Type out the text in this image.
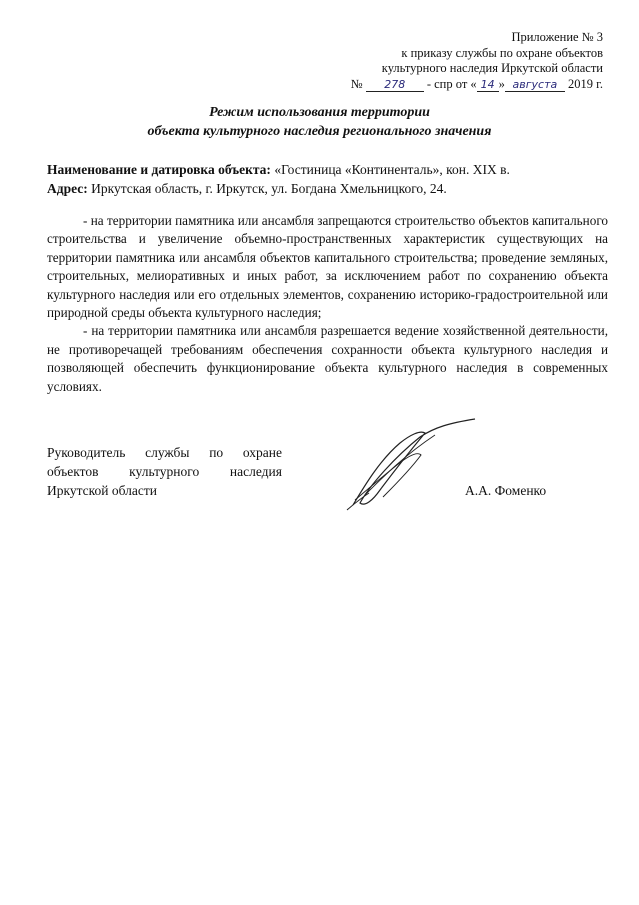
Приложение № 3
к приказу службы по охране объектов
культурного наследия Иркутской области
№ 278 - спр от « 14 » августа 2019 г.
Режим использования территории
объекта культурного наследия регионального значения
Наименование и датировка объекта: «Гостиница «Континенталь», кон. XIX в.
Адрес: Иркутская область, г. Иркутск, ул. Богдана Хмельницкого, 24.

- на территории памятника или ансамбля запрещаются строительство объектов капитального строительства и увеличение объемно-пространственных характеристик существующих на территории памятника или ансамбля объектов капитального строительства; проведение земляных, строительных, мелиоративных и иных работ, за исключением работ по сохранению объекта культурного наследия или его отдельных элементов, сохранению историко-градостроительной или природной среды объекта культурного наследия;

- на территории памятника или ансамбля разрешается ведение хозяйственной деятельности, не противоречащей требованиям обеспечения сохранности объекта культурного наследия и позволяющей обеспечить функционирование объекта культурного наследия в современных условиях.

Руководитель службы по охране объектов культурного наследия Иркутской области	А.А. Фоменко
